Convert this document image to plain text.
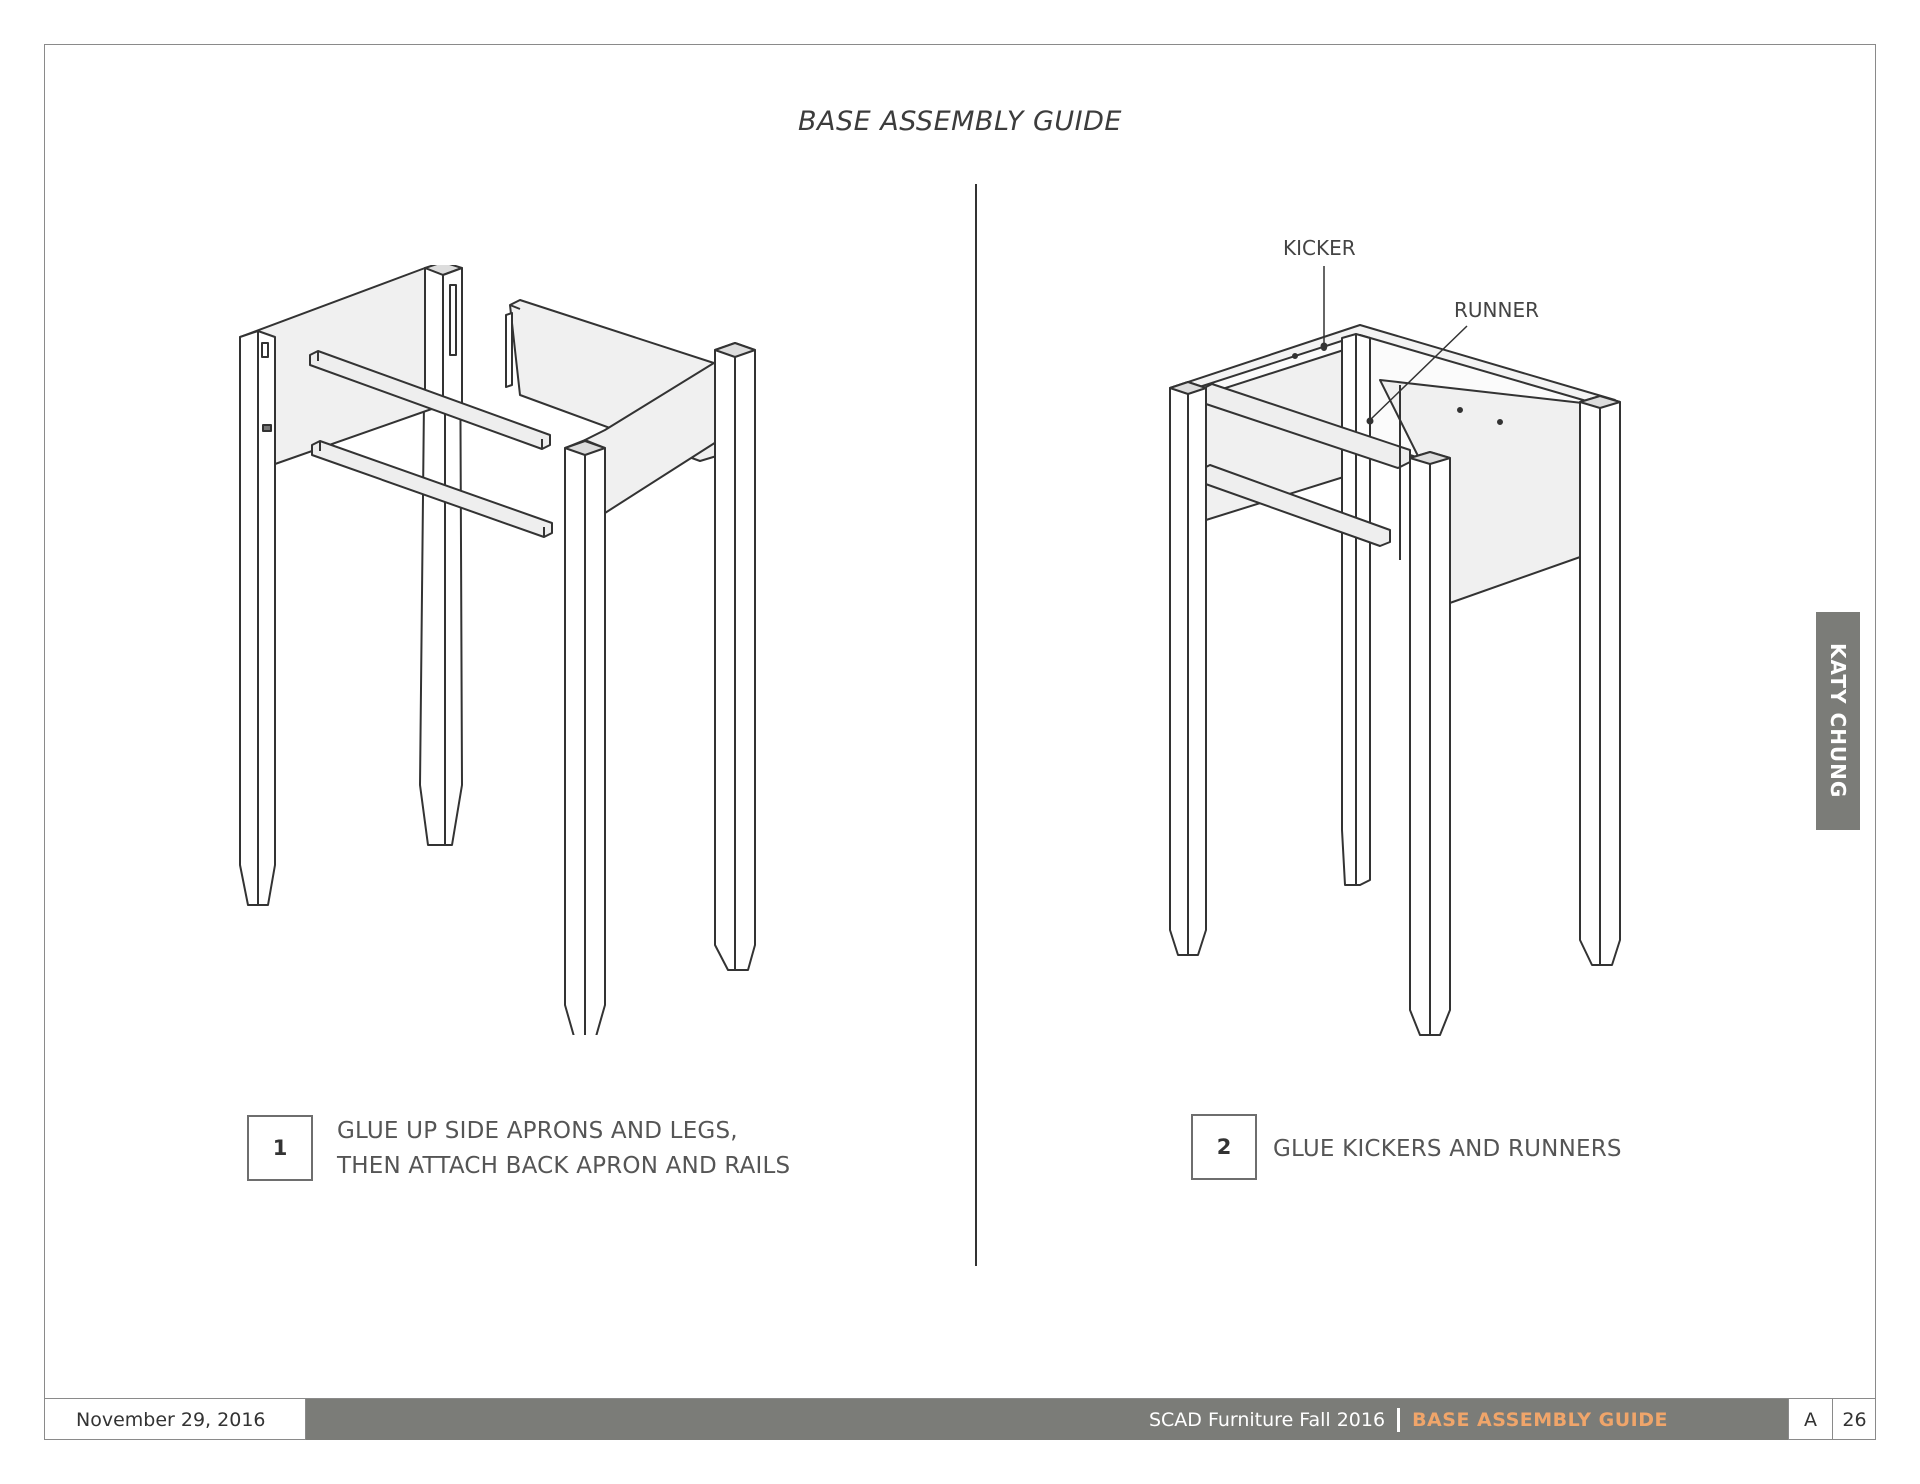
BASE ASSEMBLY GUIDE
KICKER
RUNNER
1
GLUE UP SIDE APRONS AND LEGS,
THEN ATTACH BACK APRON AND RAILS
2	GLUE KICKERS AND RUNNERS
KATY CHUNG
November 29, 2016	SCAD Furniture Fall 2016 BASE ASSEMBLY GUIDE	A	26
